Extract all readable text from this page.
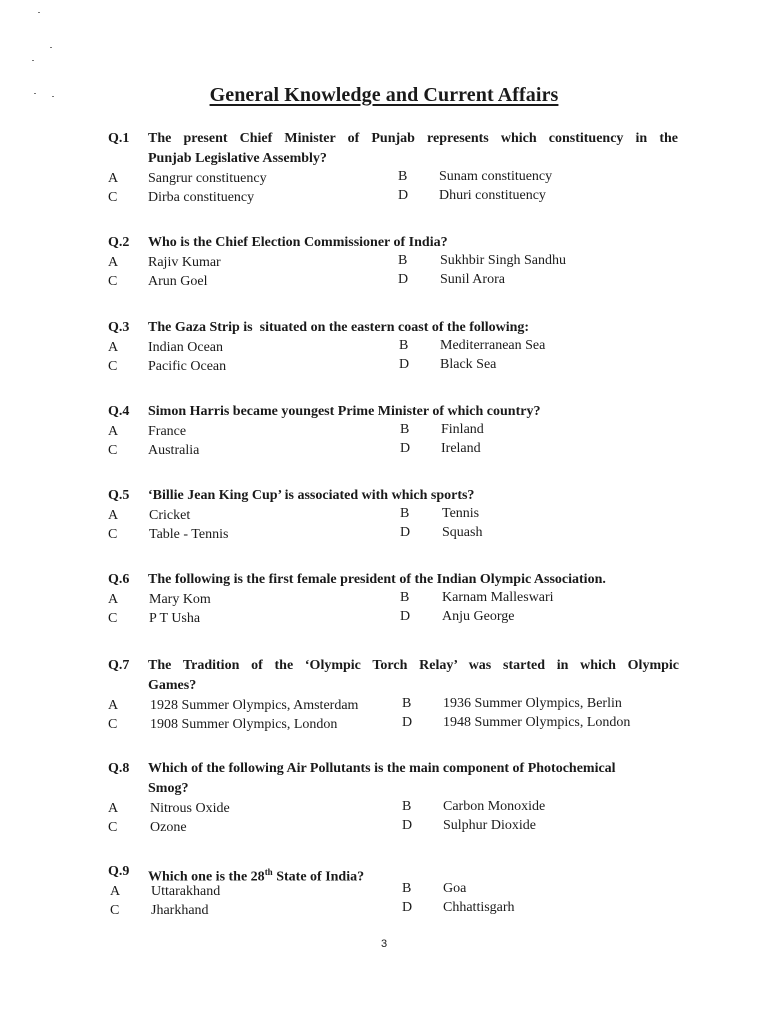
General Knowledge and Current Affairs
Q.1 The present Chief Minister of Punjab represents which constituency in the
Punjab Legislative Assembly?
A Sangrur constituency	B Sunam constituency
C Dirba constituency	D Dhuri constituency
Q.2 Who is the Chief Election Commissioner of India?
A Rajiv Kumar	B Sukhbir Singh Sandhu
C Arun Goel	D Sunil Arora
Q.3 The Gaza Strip is  situated on the eastern coast of the following:
A Indian Ocean	B Mediterranean Sea
C Pacific Ocean	D Black Sea
Q.4 Simon Harris became youngest Prime Minister of which country?
A France	B Finland
C Australia	D Ireland
Q.5 ‘Billie Jean King Cup’ is associated with which sports?
A Cricket	B Tennis
C Table - Tennis	D Squash
Q.6 The following is the first female president of the Indian Olympic Association.
A Mary Kom	B Karnam Malleswari
C P T Usha	D Anju George
Q.7 The Tradition of the ‘Olympic Torch Relay’ was started in which Olympic
Games?
A 1928 Summer Olympics, Amsterdam	B 1936 Summer Olympics, Berlin
C 1908 Summer Olympics, London	D 1948 Summer Olympics, London
Q.8 Which of the following Air Pollutants is the main component of Photochemical
Smog?
A Nitrous Oxide	B Carbon Monoxide
C Ozone	D Sulphur Dioxide
Q.9 Which one is the 28th State of India?
A Uttarakhand	B Goa
C Jharkhand	D Chhattisgarh
3
